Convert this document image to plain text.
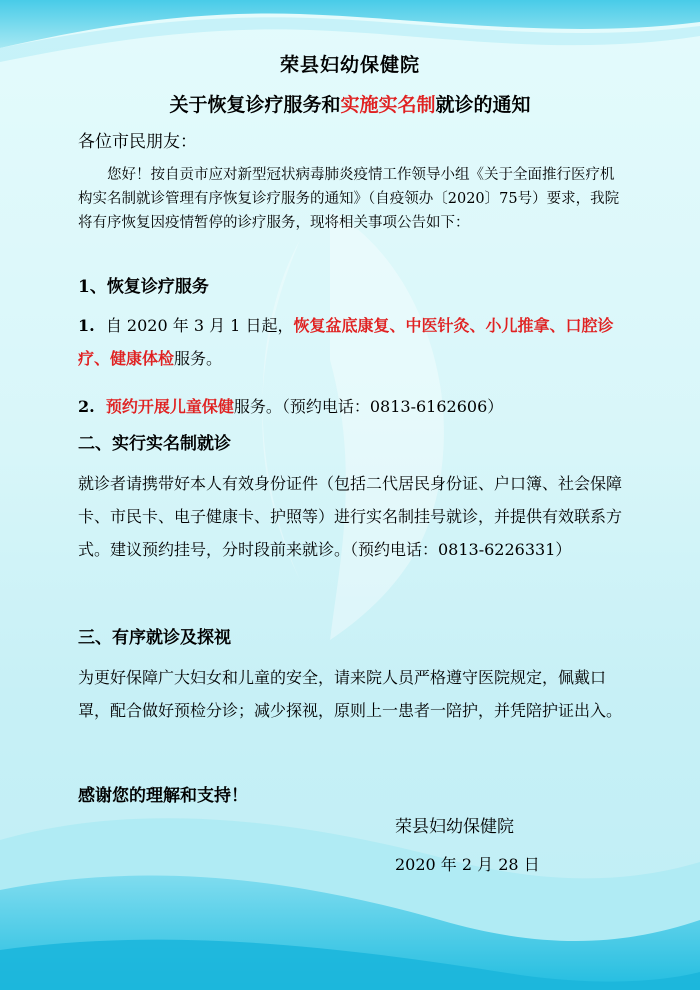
荣县妇幼保健院

关于恢复诊疗服务和实施实名制就诊的通知

各位市民朋友：

您好！按自贡市应对新型冠状病毒肺炎疫情工作领导小组《关于全面推行医疗机构实名制就诊管理有序恢复诊疗服务的通知》（自疫领办〔2020〕75号）要求，我院将有序恢复因疫情暂停的诊疗服务，现将相关事项公告如下：

1、恢复诊疗服务

1. 自 2020 年 3 月 1 日起，恢复盆底康复、中医针灸、小儿推拿、口腔诊疗、健康体检服务。

2. 预约开展儿童保健服务。（预约电话：0813-6162606）

二、实行实名制就诊

就诊者请携带好本人有效身份证件（包括二代居民身份证、户口簿、社会保障卡、市民卡、电子健康卡、护照等）进行实名制挂号就诊，并提供有效联系方式。建议预约挂号，分时段前来就诊。（预约电话：0813-6226331）

三、有序就诊及探视

为更好保障广大妇女和儿童的安全，请来院人员严格遵守医院规定，佩戴口罩，配合做好预检分诊；减少探视，原则上一患者一陪护，并凭陪护证出入。

感谢您的理解和支持！

荣县妇幼保健院

2020 年 2 月 28 日
